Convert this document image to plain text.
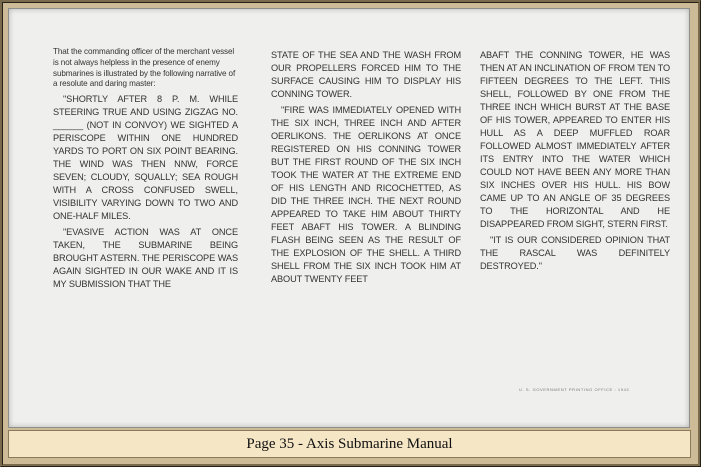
That the commanding officer of the merchant vessel is not always helpless in the presence of enemy submarines is illustrated by the following narrative of a resolute and daring master:

"SHORTLY AFTER 8 P. M. WHILE STEERING TRUE AND USING ZIGZAG NO. ______ (NOT IN CONVOY) WE SIGHTED A PERISCOPE WITHIN ONE HUNDRED YARDS TO PORT ON SIX POINT BEARING. THE WIND WAS THEN NNW, FORCE SEVEN; CLOUDY, SQUALLY; SEA ROUGH WITH A CROSS CONFUSED SWELL, VISIBILITY VARYING DOWN TO TWO AND ONE-HALF MILES.

"EVASIVE ACTION WAS AT ONCE TAKEN, THE SUBMARINE BEING BROUGHT ASTERN. THE PERISCOPE WAS AGAIN SIGHTED IN OUR WAKE AND IT IS MY SUBMISSION THAT THE

STATE OF THE SEA AND THE WASH FROM OUR PROPELLERS FORCED HIM TO THE SURFACE CAUSING HIM TO DISPLAY HIS CONNING TOWER.

"FIRE WAS IMMEDIATELY OPENED WITH THE SIX INCH, THREE INCH AND AFTER OERLIKONS. THE OERLIKONS AT ONCE REGISTERED ON HIS CONNING TOWER BUT THE FIRST ROUND OF THE SIX INCH TOOK THE WATER AT THE EXTREME END OF HIS LENGTH AND RICOCHETTED, AS DID THE THREE INCH. THE NEXT ROUND APPEARED TO TAKE HIM ABOUT THIRTY FEET ABAFT HIS TOWER. A BLINDING FLASH BEING SEEN AS THE RESULT OF THE EXPLOSION OF THE SHELL. A THIRD SHELL FROM THE SIX INCH TOOK HIM AT ABOUT TWENTY FEET

ABAFT THE CONNING TOWER, HE WAS THEN AT AN INCLINATION OF FROM TEN TO FIFTEEN DEGREES TO THE LEFT. THIS SHELL, FOLLOWED BY ONE FROM THE THREE INCH WHICH BURST AT THE BASE OF HIS TOWER, APPEARED TO ENTER HIS HULL AS A DEEP MUFFLED ROAR FOLLOWED ALMOST IMMEDIATELY AFTER ITS ENTRY INTO THE WATER WHICH COULD NOT HAVE BEEN ANY MORE THAN SIX INCHES OVER HIS HULL. HIS BOW CAME UP TO AN ANGLE OF 35 DEGREES TO THE HORIZONTAL AND HE DISAPPEARED FROM SIGHT, STERN FIRST.

"IT IS OUR CONSIDERED OPINION THAT THE RASCAL WAS DEFINITELY DESTROYED."

U. S. GOVERNMENT PRINTING OFFICE : 1943
Page 35 - Axis Submarine Manual
